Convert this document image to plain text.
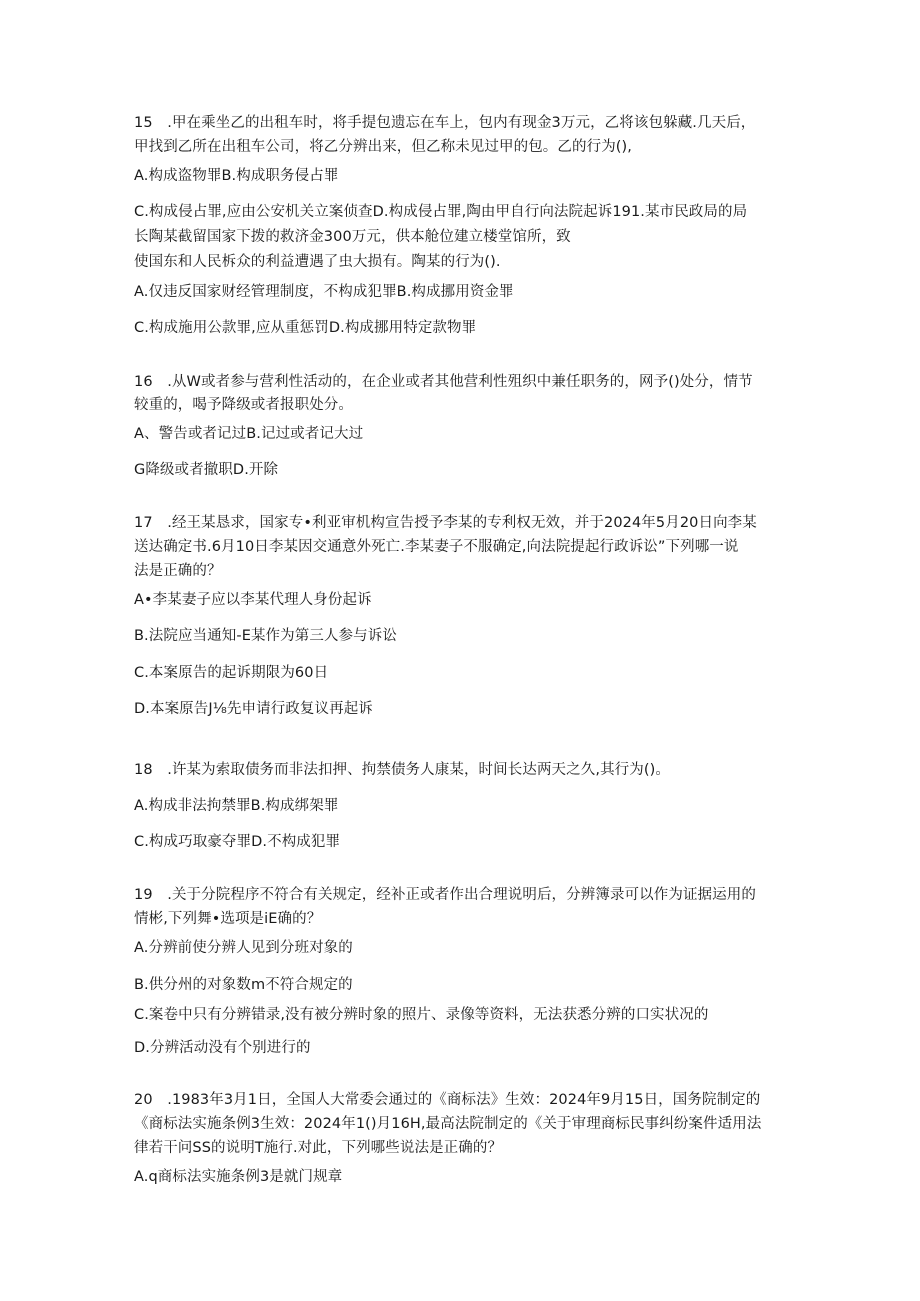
15　.甲在乘坐乙的出租车时，将手提包遗忘在车上，包内有现金3万元，乙将该包躲藏.几天后，
甲找到乙所在出租车公司，将乙分辨出来，但乙称未见过甲的包。乙的行为(),
A.构成盗物罪B.构成职务侵占罪
C.构成侵占罪,应由公安机关立案侦查D.构成侵占罪,陶由甲自行向法院起诉191.某市民政局的局
长陶某截留国家下拨的救济金300万元，供本舱位建立楼堂馆所，致
使国东和人民柝众的利益遭遇了虫大损有。陶某的行为().
A.仅违反国家财经管理制度，不构成犯罪B.构成挪用资金罪
C.构成施用公款罪,应从重惩罚D.构成挪用特定款物罪
16　.从W或者参与营利性活动的，在企业或者其他营利性殂织中兼任职务的，网予()处分，情节
较重的，喝予降级或者报职处分。
A、警告或者记过B.记过或者记大过
G降级或者撤职D.开除
17　.经王某恳求，国家专•利亚审机构宣告授予李某的专利权无效，并于2024年5月20日向李某
送达确定书.6月10日李某因交通意外死亡.李某妻子不服确定,向法院提起行政诉讼”下列哪一说
法是正确的？
A•李某妻子应以李某代理人身份起诉
B.法院应当通知-E某作为第三人参与诉讼
C.本案原告的起诉期限为60日
D.本案原告J⅛先申请行政复议再起诉
18　.许某为索取债务而非法扣押、拘禁债务人康某，时间长达两天之久,其行为()。
A.构成非法拘禁罪B.构成绑架罪
C.构成巧取豪夺罪D.不构成犯罪
19　.关于分院程序不符合有关规定，经补正或者作出合理说明后，分辨簿录可以作为证据运用的
情彬,下列舞•选项是iE确的？
A.分辨前使分辨人见到分班对象的
B.供分州的对象数m不符合规定的
C.案卷中只有分辨错录,没有被分辨时象的照片、录像等资料，无法获悉分辨的口实状况的
D.分辨活动没有个别进行的
20　.1983年3月1日，全国人大常委会通过的《商标法》生效：2024年9月15日，国务院制定的
《商标法实施条例3生效：2024年1()月16H,最高法院制定的《关于审理商标民事纠纷案件适用法
律若干问SS的说明T施行.对此，下列哪些说法是正确的？
A.q商标法实施条例3是就门规章
